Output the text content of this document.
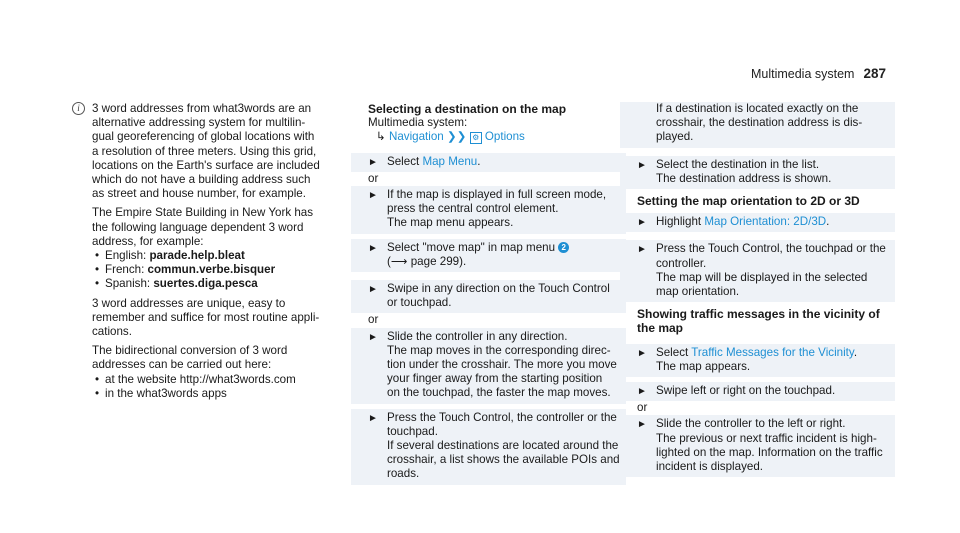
Multimedia system 287
i	3 word addresses from what3words are an

alternative addressing system for multilin-

gual georeferencing of global locations with

a resolution of three meters. Using this grid,

locations on the Earth's surface are included

which do not have a building address such

as street and house number, for example.

The Empire State Building in New York has

the following language dependent 3 word

address, for example:

• English: parade.help.bleat
• French: commun.verbe.bisquer
• Spanish: suertes.diga.pesca

3 word addresses are unique, easy to

remember and suffice for most routine appli-

cations.

The bidirectional conversion of 3 word

addresses can be carried out here:

• at the website http://what3words.com
• in the what3words apps

Selecting a destination on the map

Multimedia system:

↳ Navigation ❯❯ ⚙ Options

► Select Map Menu.

or

► If the map is displayed in full screen mode,

press the central control element.

The map menu appears.

► Select "move map" in map menu 2

(⟶ page 299).

► Swipe in any direction on the Touch Control

or touchpad.

or

► Slide the controller in any direction.

The map moves in the corresponding direc-

tion under the crosshair. The more you move

your finger away from the starting position

on the touchpad, the faster the map moves.

► Press the Touch Control, the controller or the

touchpad.

If several destinations are located around the

crosshair, a list shows the available POIs and

roads.

If a destination is located exactly on the

crosshair, the destination address is dis-

played.

► Select the destination in the list.

The destination address is shown.

Setting the map orientation to 2D or 3D

► Highlight Map Orientation: 2D/3D.

► Press the Touch Control, the touchpad or the

controller.

The map will be displayed in the selected

map orientation.

Showing traffic messages in the vicinity of

the map

► Select Traffic Messages for the Vicinity.

The map appears.

► Swipe left or right on the touchpad.

or

► Slide the controller to the left or right.

The previous or next traffic incident is high-

lighted on the map. Information on the traffic

incident is displayed.
